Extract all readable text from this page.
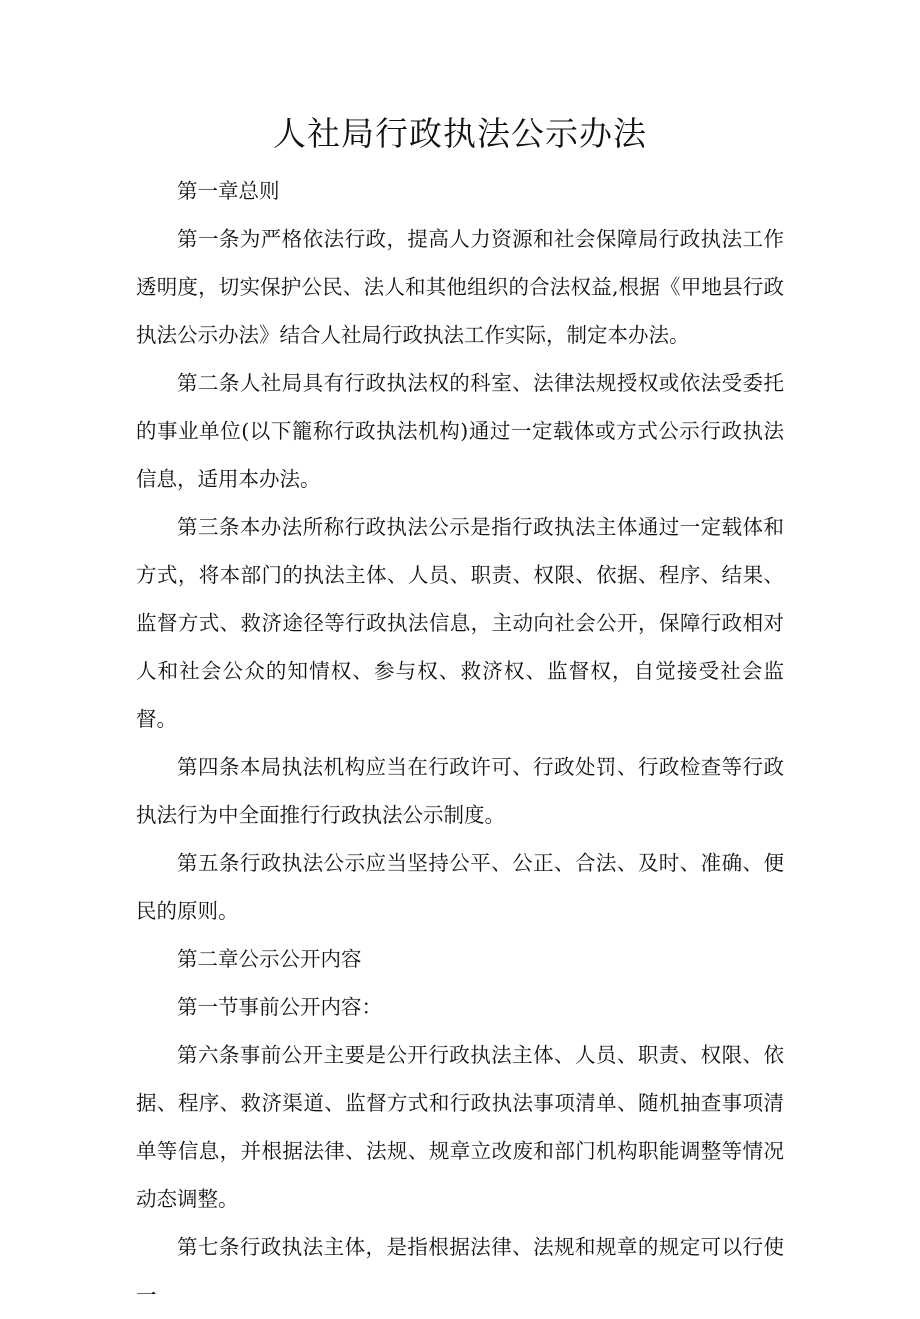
人社局行政执法公示办法

第一章总则

第一条为严格依法行政，提高人力资源和社会保障局行政执法工作透明度，切实保护公民、法人和其他组织的合法权益,根据《甲地县行政执法公示办法》结合人社局行政执法工作实际，制定本办法。

第二条人社局具有行政执法权的科室、法律法规授权或依法受委托的事业单位(以下籠称行政执法机构)通过一定载体或方式公示行政执法信息，适用本办法。

第三条本办法所称行政执法公示是指行政执法主体通过一定载体和方式，将本部门的执法主体、人员、职责、权限、依据、程序、结果、监督方式、救济途径等行政执法信息，主动向社会公开，保障行政相对人和社会公众的知情权、参与权、救济权、监督权，自觉接受社会监督。

第四条本局执法机构应当在行政许可、行政处罚、行政检查等行政执法行为中全面推行行政执法公示制度。

第五条行政执法公示应当坚持公平、公正、合法、及时、准确、便民的原则。

第二章公示公开内容

第一节事前公开内容：

第六条事前公开主要是公开行政执法主体、人员、职责、权限、依据、程序、救济渠道、监督方式和行政执法事项清单、随机抽查事项清单等信息，并根据法律、法规、规章立改废和部门机构职能调整等情况动态调整。

第七条行政执法主体，是指根据法律、法规和规章的规定可以行使一
